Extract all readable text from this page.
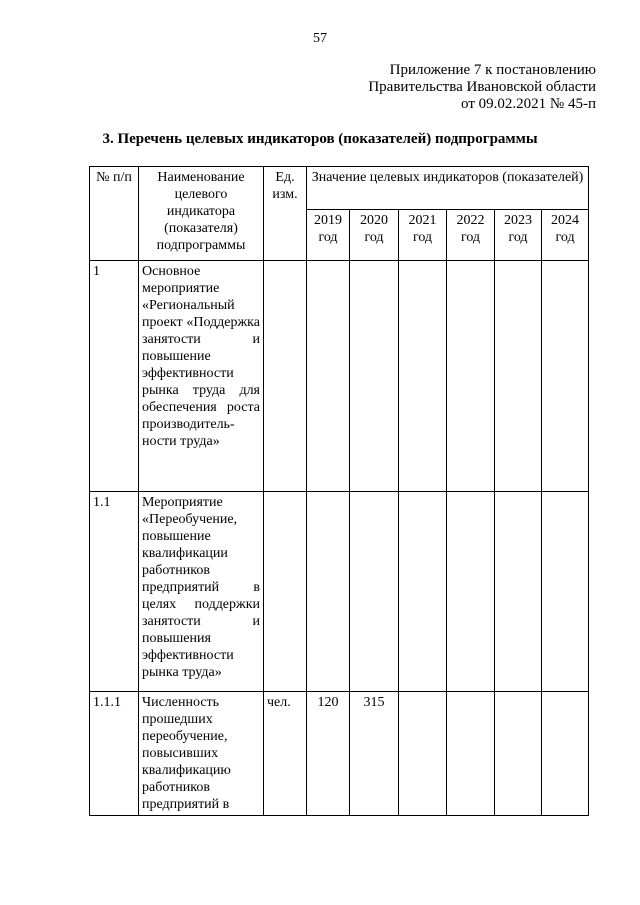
57
Приложение 7 к постановлению
Правительства Ивановской области
от 09.02.2021 № 45-п
3. Перечень целевых индикаторов (показателей) подпрограммы
№ п/п	Наименование целевого индикатора (показателя) подпрограммы	Ед. изм.	Значение целевых индикаторов (показателей)					
			2019 год	2020 год	2021 год	2022 год	2023 год	2024 год
1	Основное мероприятие «Региональный проект «Поддержка занятости и повышение эффективности рынка труда для обеспечения роста производитель- ности труда»							
1.1	Мероприятие «Переобучение, повышение квалификации работников предприятий в целях поддержки занятости и повышения эффективности рынка труда»							
1.1.1	Численность прошедших переобучение, повысивших квалификацию работников предприятий в	чел.	120	315				
